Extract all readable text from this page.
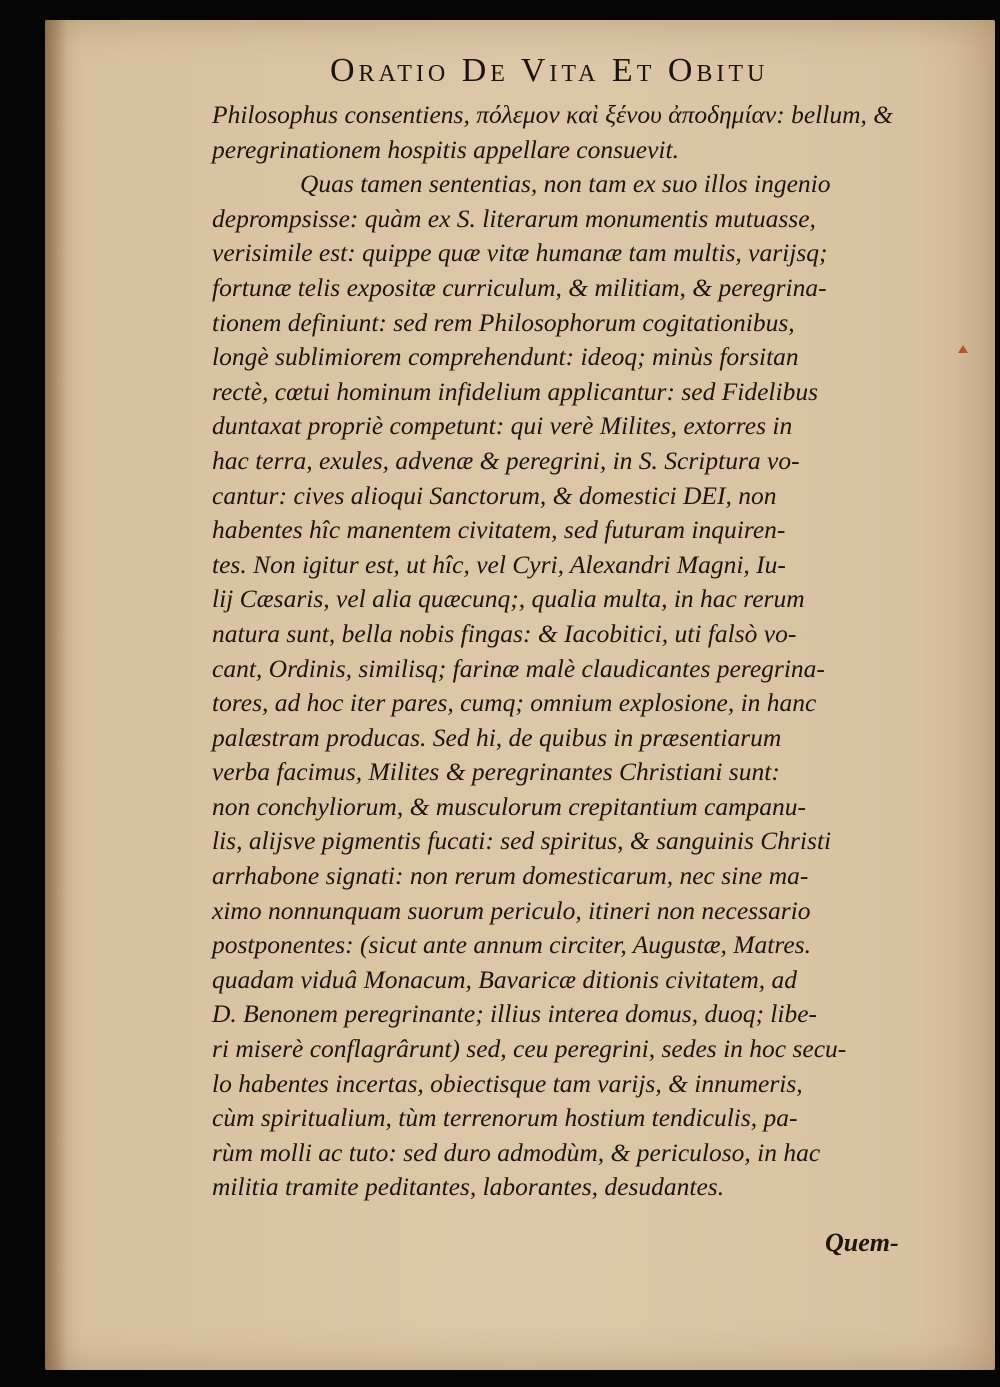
Oratio De Vita Et Obitu
Philosophus consentiens, πόλεμον καὶ ξένου ἀποδημίαν: bellum, &
peregrinationem hospitis appellare consuevit.
Quas tamen sententias, non tam ex suo illos ingenio
deprompsisse: quàm ex S. literarum monumentis mutuasse,
verisimile est: quippe quæ vitæ humanæ tam multis, varijsq;
fortunæ telis expositæ curriculum, & militiam, & peregrina-
tionem definiunt: sed rem Philosophorum cogitationibus,
longè sublimiorem comprehendunt: ideoq; minùs forsitan
rectè, cœtui hominum infidelium applicantur: sed Fidelibus
duntaxat propriè competunt: qui verè Milites, extorres in
hac terra, exules, advenæ & peregrini, in S. Scriptura vo-
cantur: cives alioqui Sanctorum, & domestici DEI, non
habentes hîc manentem civitatem, sed futuram inquiren-
tes. Non igitur est, ut hîc, vel Cyri, Alexandri Magni, Iu-
lij Cæsaris, vel alia quæcunq;, qualia multa, in hac rerum
natura sunt, bella nobis fingas: & Iacobitici, uti falsò vo-
cant, Ordinis, similisq; farinæ malè claudicantes peregrina-
tores, ad hoc iter pares, cumq; omnium explosione, in hanc
palæstram producas. Sed hi, de quibus in præsentiarum
verba facimus, Milites & peregrinantes Christiani sunt:
non conchyliorum, & musculorum crepitantium campanu-
lis, alijsve pigmentis fucati: sed spiritus, & sanguinis Christi
arrhabone signati: non rerum domesticarum, nec sine ma-
ximo nonnunquam suorum periculo, itineri non necessario
postponentes: (sicut ante annum circiter, Augustæ, Matres.
quadam viduâ Monacum, Bavaricæ ditionis civitatem, ad
D. Benonem peregrinante; illius interea domus, duoq; libe-
ri miserè conflagrârunt) sed, ceu peregrini, sedes in hoc secu-
lo habentes incertas, obiectisque tam varijs, & innumeris,
cùm spiritualium, tùm terrenorum hostium tendiculis, pa-
rùm molli ac tuto: sed duro admodùm, & periculoso, in hac
militia tramite peditantes, laborantes, desudantes.
Quem-
